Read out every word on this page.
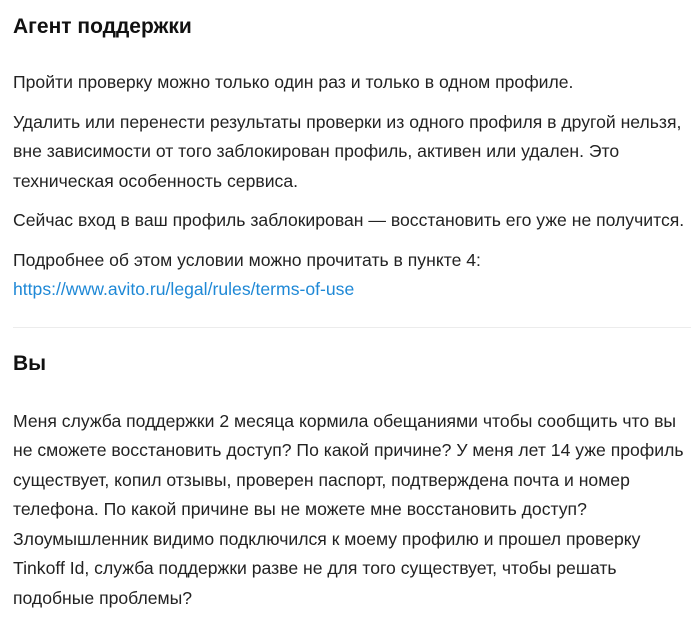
Агент поддержки

Пройти проверку можно только один раз и только в одном профиле.

Удалить или перенести результаты проверки из одного профиля в другой нельзя, вне зависимости от того заблокирован профиль, активен или удален. Это техническая особенность сервиса.

Сейчас вход в ваш профиль заблокирован — восстановить его уже не получится.

Подробнее об этом условии можно прочитать в пункте 4:
https://www.avito.ru/legal/rules/terms-of-use

Вы

Меня служба поддержки 2 месяца кормила обещаниями чтобы сообщить что вы не сможете восстановить доступ? По какой причине? У меня лет 14 уже профиль существует, копил отзывы, проверен паспорт, подтверждена почта и номер телефона. По какой причине вы не можете мне восстановить доступ? Злоумышленник видимо подключился к моему профилю и прошел проверку Tinkoff Id, служба поддержки разве не для того существует, чтобы решать подобные проблемы?
